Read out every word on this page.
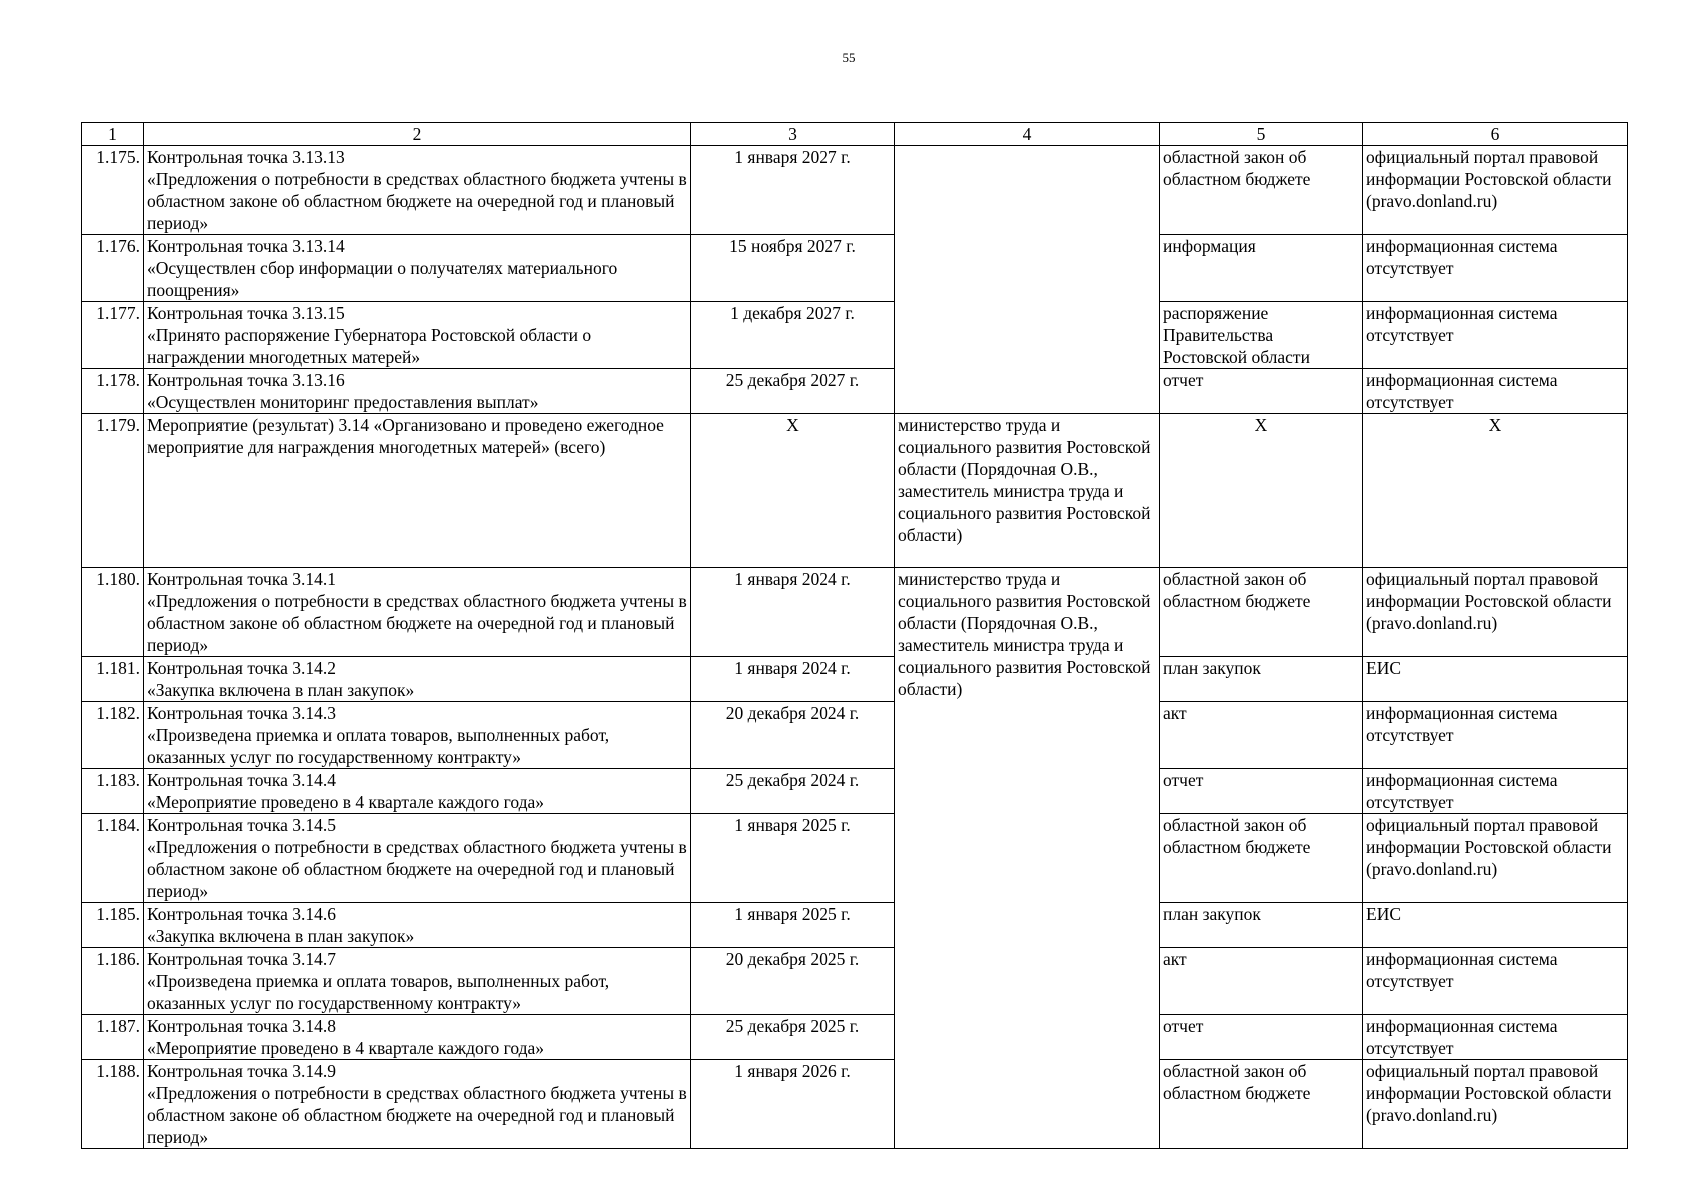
55
1	2	3	4	5	6
1.175.	Контрольная точка 3.13.13
«Предложения о потребности в средствах областного бюджета учтены в областном законе об областном бюджете на очередной год и плановый период»	1 января 2027 г.		областной закон об областном бюджете	официальный портал правовой информации Ростовской области (pravo.donland.ru)
1.176.	Контрольная точка 3.13.14
«Осуществлен сбор информации о получателях материального поощрения»	15 ноября 2027 г.		информация	информационная система отсутствует
1.177.	Контрольная точка 3.13.15
«Принято распоряжение Губернатора Ростовской области о награждении многодетных матерей»	1 декабря 2027 г.		распоряжение Правительства Ростовской области	информационная система отсутствует
1.178.	Контрольная точка 3.13.16
«Осуществлен мониторинг предоставления выплат»	25 декабря 2027 г.		отчет	информационная система отсутствует
1.179.	Мероприятие (результат) 3.14 «Организовано и проведено ежегодное мероприятие для награждения многодетных матерей» (всего)	Х	министерство труда и социального развития Ростовской области (Порядочная О.В., заместитель министра труда и социального развития Ростовской области)	Х	Х
1.180.	Контрольная точка 3.14.1
«Предложения о потребности в средствах областного бюджета учтены в областном законе об областном бюджете на очередной год и плановый период»	1 января 2024 г.	министерство труда и социального развития Ростовской области (Порядочная О.В., заместитель министра труда и социального развития Ростовской области)	областной закон об областном бюджете	официальный портал правовой информации Ростовской области (pravo.donland.ru)
1.181.	Контрольная точка 3.14.2
«Закупка включена в план закупок»	1 января 2024 г.		план закупок	ЕИС
1.182.	Контрольная точка 3.14.3
«Произведена приемка и оплата товаров, выполненных работ, оказанных услуг по государственному контракту»	20 декабря 2024 г.		акт	информационная система отсутствует
1.183.	Контрольная точка 3.14.4
«Мероприятие проведено в 4 квартале каждого года»	25 декабря 2024 г.		отчет	информационная система отсутствует
1.184.	Контрольная точка 3.14.5
«Предложения о потребности в средствах областного бюджета учтены в областном законе об областном бюджете на очередной год и плановый период»	1 января 2025 г.		областной закон об областном бюджете	официальный портал правовой информации Ростовской области (pravo.donland.ru)
1.185.	Контрольная точка 3.14.6
«Закупка включена в план закупок»	1 января 2025 г.		план закупок	ЕИС
1.186.	Контрольная точка 3.14.7
«Произведена приемка и оплата товаров, выполненных работ, оказанных услуг по государственному контракту»	20 декабря 2025 г.		акт	информационная система отсутствует
1.187.	Контрольная точка 3.14.8
«Мероприятие проведено в 4 квартале каждого года»	25 декабря 2025 г.		отчет	информационная система отсутствует
1.188.	Контрольная точка 3.14.9
«Предложения о потребности в средствах областного бюджета учтены в областном законе об областном бюджете на очередной год и плановый период»	1 января 2026 г.		областной закон об областном бюджете	официальный портал правовой информации Ростовской области (pravo.donland.ru)
